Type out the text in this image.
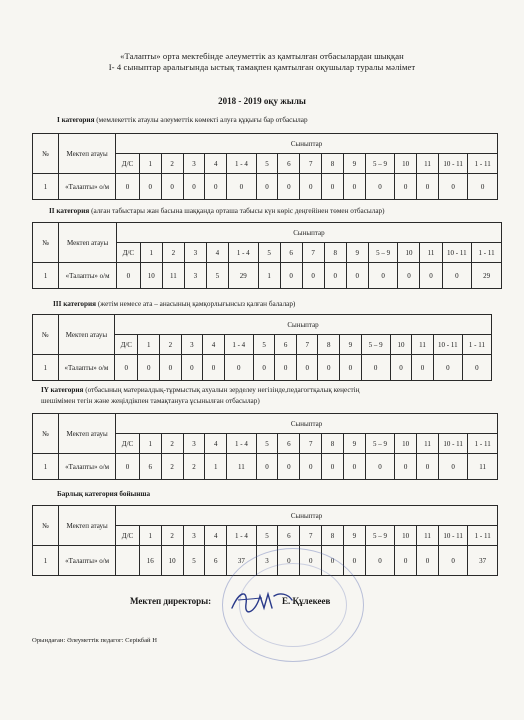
«Талапты» орта мектебінде әлеуметтік аз қамтылған отбасылардан шыққан
І- 4 сыныптар аралығында ыстық тамақпен қамтылған оқушылар туралы мәлімет
2018 - 2019 оқу жылы
І категория (мемлекеттік атаулы әлеуметтік көмекті алуға құқығы бар отбасылар
№	Мектеп атауы	Сыныптар															
		Д/С	1	2	3	4	1 - 4	5	6	7	8	9	5 – 9	10	11	10 - 11	1 - 11
1	«Талапты» о/м	0	0	0	0	0	0	0	0	0	0	0	0	0	0	0	0
ІІ категория (алған табыстары жан басына шаққанда орташа табысы күн көріс деңгейінен төмен отбасылар)
№	Мектеп атауы	Сыныптар															
		Д/С	1	2	3	4	1 - 4	5	6	7	8	9	5 – 9	10	11	10 - 11	1 - 11
1	«Талапты» о/м	0	10	11	3	5	29	1	0	0	0	0	0	0	0	0	29
ІІІ категория (жетім немесе ата – анасының қамқорлығынсыз қалған балалар)
№	Мектеп атауы	Сыныптар															
		Д/С	1	2	3	4	1 - 4	5	6	7	8	9	5 – 9	10	11	10 - 11	1 - 11
1	«Талапты» о/м	0	0	0	0	0	0	0	0	0	0	0	0	0	0	0	0
ІY категория (отбасының материалдық-тұрмыстық ахуалын зерделеу негізінде,педагогтқалық кеңестің
шешімімен тегін және жеңілдікпен тамақтануға ұсынылған отбасылар)
№	Мектеп атауы	Сыныптар															
		Д/С	1	2	3	4	1 - 4	5	6	7	8	9	5 – 9	10	11	10 - 11	1 - 11
1	«Талапты» о/м	0	6	2	2	1	11	0	0	0	0	0	0	0	0	0	11
Барлық категория бойынша
№	Мектеп атауы	Сыныптар															
		Д/С	1	2	3	4	1 - 4	5	6	7	8	9	5 – 9	10	11	10 - 11	1 - 11
1	«Талапты» о/м		16	10	5	6	37	3	0	0	0	0	0	0	0	0	37
Мектеп директоры:	Е. Құлекеев
Орындаған: Әлеуметтік педагог: Серікбай Н
